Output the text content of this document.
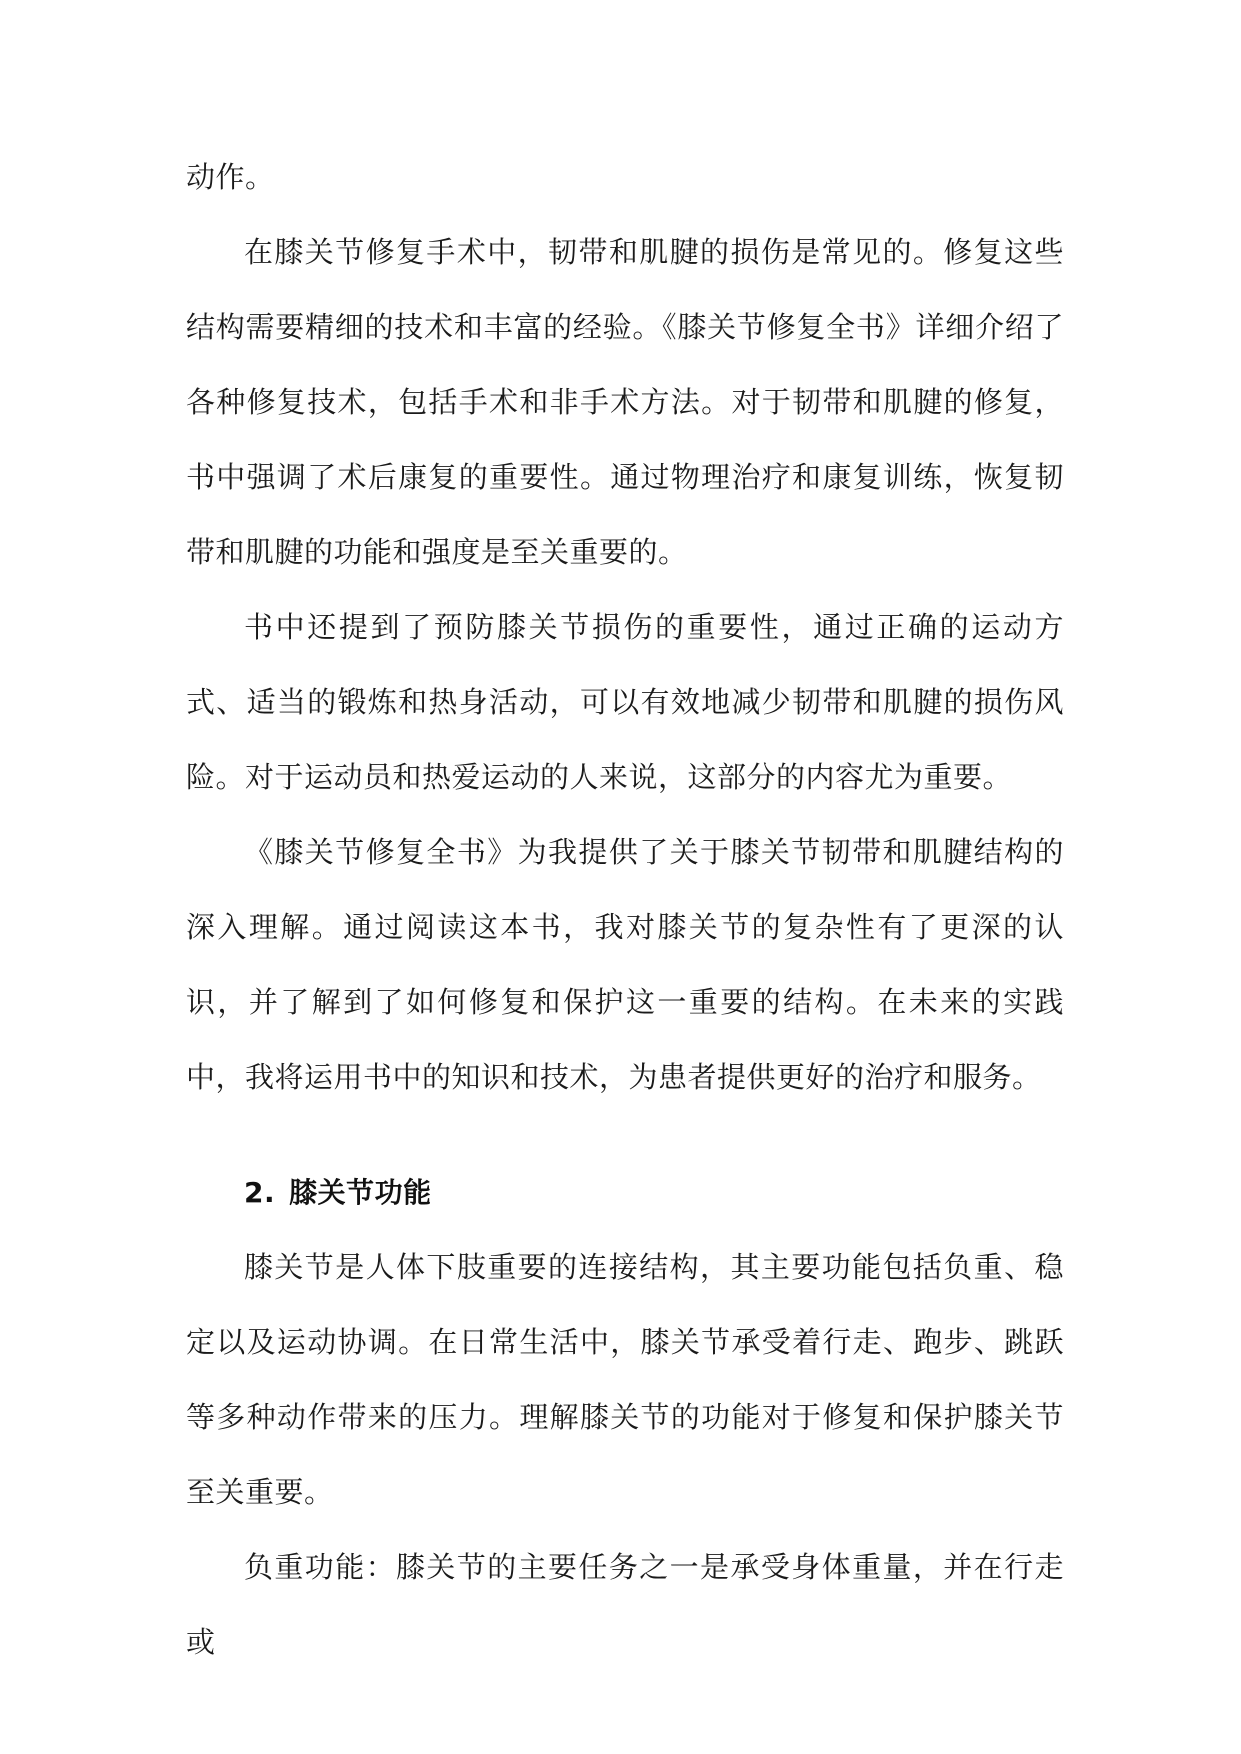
动作。

在膝关节修复手术中，韧带和肌腱的损伤是常见的。修复这些结构需要精细的技术和丰富的经验。《膝关节修复全书》详细介绍了各种修复技术，包括手术和非手术方法。对于韧带和肌腱的修复，书中强调了术后康复的重要性。通过物理治疗和康复训练，恢复韧带和肌腱的功能和强度是至关重要的。

书中还提到了预防膝关节损伤的重要性，通过正确的运动方式、适当的锻炼和热身活动，可以有效地减少韧带和肌腱的损伤风险。对于运动员和热爱运动的人来说，这部分的内容尤为重要。

《膝关节修复全书》为我提供了关于膝关节韧带和肌腱结构的深入理解。通过阅读这本书，我对膝关节的复杂性有了更深的认识，并了解到了如何修复和保护这一重要的结构。在未来的实践中，我将运用书中的知识和技术，为患者提供更好的治疗和服务。

2. 膝关节功能

膝关节是人体下肢重要的连接结构，其主要功能包括负重、稳定以及运动协调。在日常生活中，膝关节承受着行走、跑步、跳跃等多种动作带来的压力。理解膝关节的功能对于修复和保护膝关节至关重要。

负重功能：膝关节的主要任务之一是承受身体重量，并在行走或
